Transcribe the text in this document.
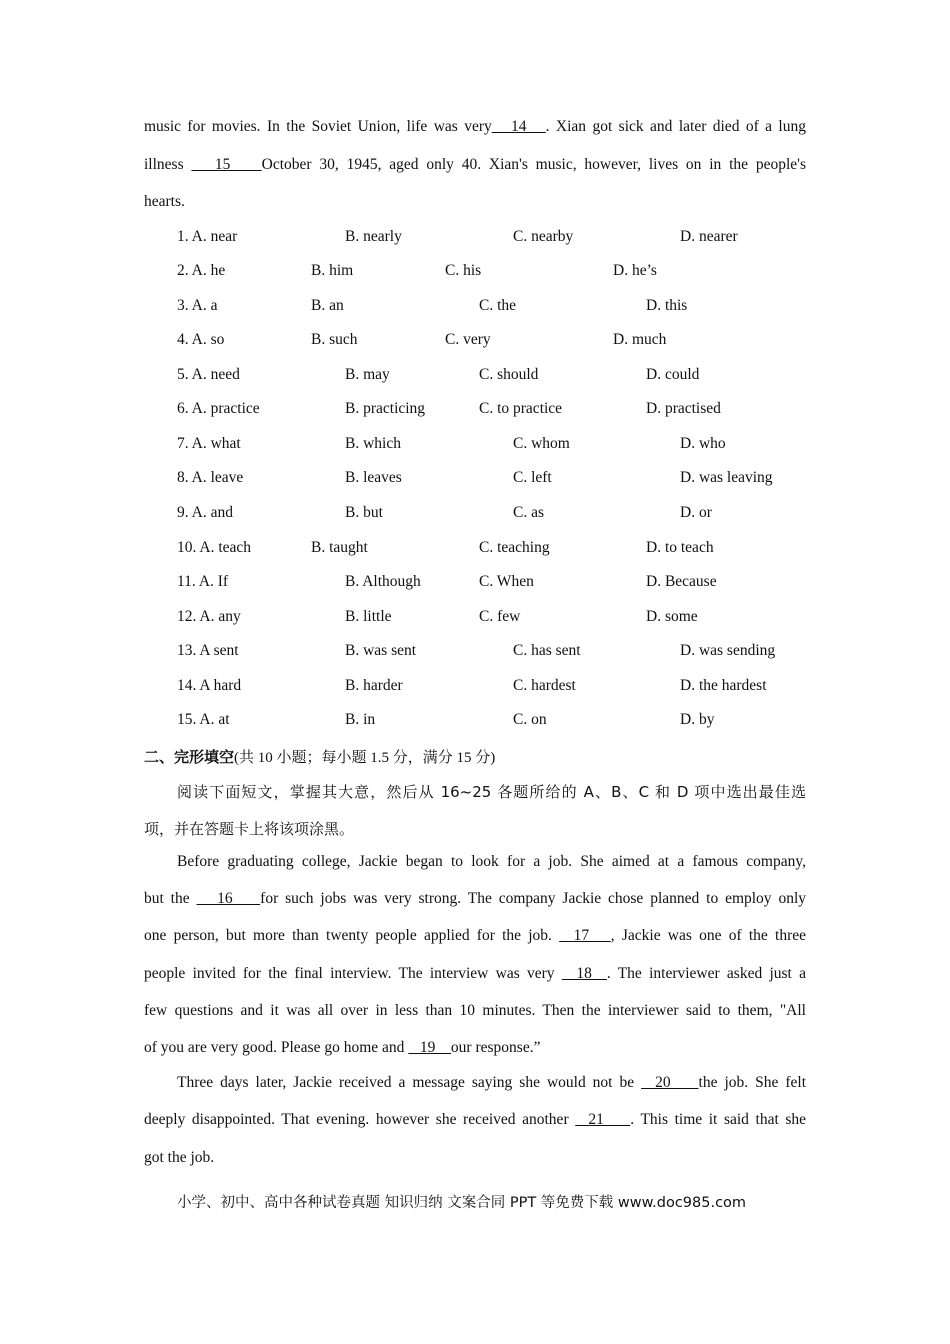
music for movies. In the Soviet Union, life was very   14   . Xian got sick and later died of a lung
illness    15    October 30, 1945, aged only 40. Xian's music, however, lives on in the people's
hearts.
1. A. near	B. nearly	C. nearby	D. nearer
2. A. he	B. him	C. his	D. he’s
3. A. a	B. an	C. the	D. this
4. A. so	B. such	C. very	D. much
5. A. need	B. may	C. should	D. could
6. A. practice	B. practicing	C. to practice	D. practised
7. A. what	B. which	C. whom	D. who
8. A. leave	B. leaves	C. left	D. was leaving
9. A. and	B. but	C. as	D. or
10. A. teach	B. taught	C. teaching	D. to teach
11. A. If	B. Although	C. When	D. Because
12. A. any	B. little	C. few	D. some
13. A sent	B. was sent	C. has sent	D. was sending
14. A hard	B. harder	C. hardest	D. the hardest
15. A. at	B. in	C. on	D. by
二、完形填空(共 10 小题；每小题 1.5 分，满分 15 分)
阅读下面短文，掌握其大意，然后从 16~25 各题所给的 A、B、C 和 D 项中选出最佳选
项，并在答题卡上将该项涂黑。
Before graduating college, Jackie began to look for a job. She aimed at a famous company,
but the    16    for such jobs was very strong. The company Jackie chose planned to employ only
one person, but more than twenty people applied for the job.   17   , Jackie was one of the three
people invited for the final interview. The interview was very   18 _. The interviewer asked just a
few questions and it was all over in less than 10 minutes. Then the interviewer said to them, "All
of you are very good. Please go home and    19    our response.”
Three days later, Jackie received a message saying she would not be   20    the job. She felt
deeply disappointed. That evening. however she received another   21    . This time it said that she
got the job.
小学、初中、高中各种试卷真题 知识归纳 文案合同 PPT 等免费下载 www.doc985.com
